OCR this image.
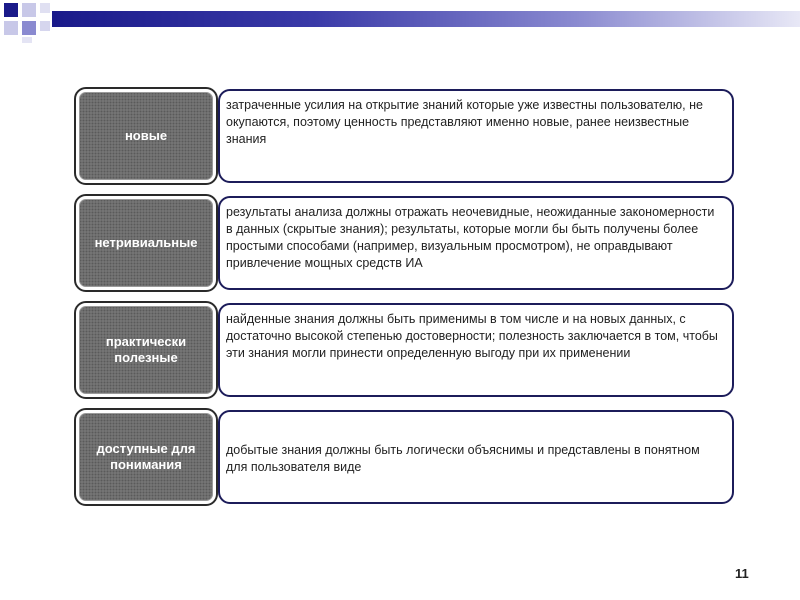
новые
затраченные усилия на открытие знаний которые уже известны пользователю, не окупаются, поэтому ценность представляют именно новые, ранее неизвестные знания
нетривиальные
результаты анализа должны отражать неочевидные, неожиданные закономерности в данных (скрытые знания); результаты, которые могли бы быть получены более простыми способами (например, визуальным просмотром), не оправдывают привлечение мощных средств ИА
практически полезные
найденные знания должны быть применимы в том числе и на новых данных, с достаточно высокой степенью достоверности; полезность заключается в том, чтобы эти знания могли принести определенную выгоду при их применении
доступные для понимания
добытые знания должны быть логически объяснимы и представлены в понятном для пользователя виде
11
